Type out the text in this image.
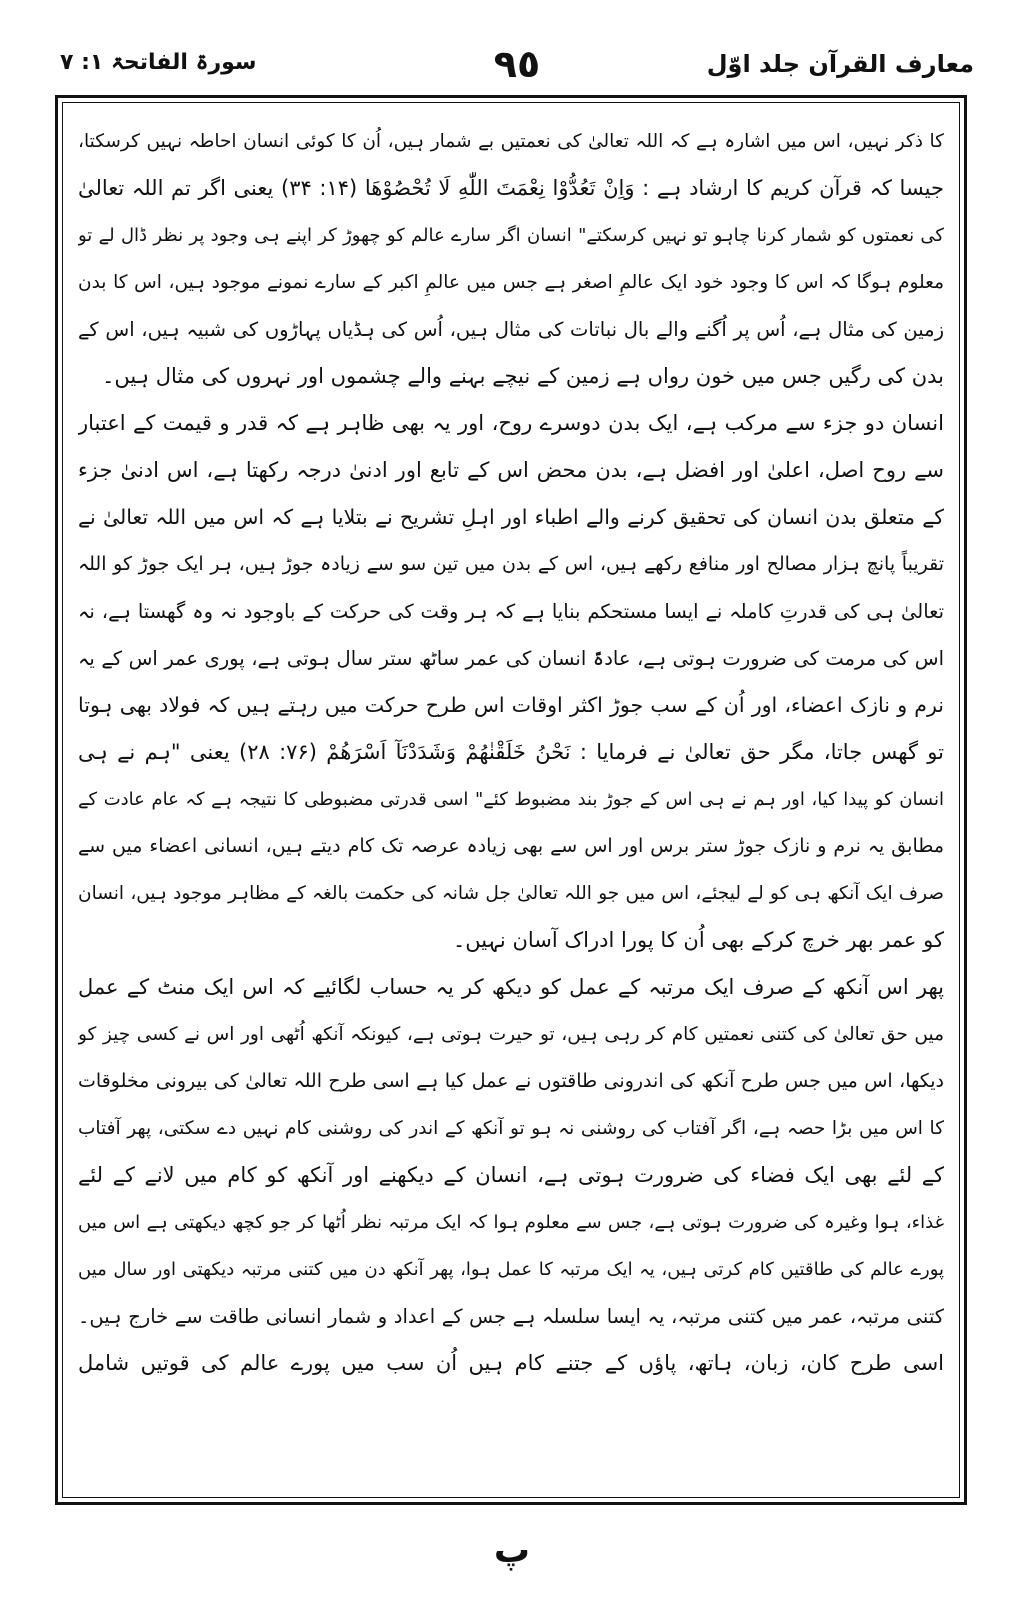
معارف القرآن جلد اوّل
٩٥
سورۃ الفاتحۃ ۱: ۷
کا ذکر نہیں، اس میں اشارہ ہے کہ اللہ تعالیٰ کی نعمتیں بے شمار ہیں، اُن کا کوئی انسان احاطہ نہیں کرسکتا،
جیسا کہ قرآن کریم کا ارشاد ہے : وَاِنْ تَعُدُّوْا نِعْمَتَ اللّٰهِ لَا تُحْصُوْهَا (۱۴: ۳۴) یعنی اگر تم اللہ تعالیٰ
کی نعمتوں کو شمار کرنا چاہو تو نہیں کرسکتے" انسان اگر سارے عالم کو چھوڑ کر اپنے ہی وجود پر نظر ڈال لے تو
معلوم ہوگا کہ اس کا وجود خود ایک عالمِ اصغر ہے جس میں عالمِ اکبر کے سارے نمونے موجود ہیں، اس کا بدن
زمین کی مثال ہے، اُس پر اُگنے والے بال نباتات کی مثال ہیں، اُس کی ہڈیاں پہاڑوں کی شبیہ ہیں، اس کے
بدن کی رگیں جس میں خون رواں ہے زمین کے نیچے بہنے والے چشموں اور نہروں کی مثال ہیں۔
انسان دو جزء سے مرکب ہے، ایک بدن دوسرے روح، اور یہ بھی ظاہر ہے کہ قدر و قیمت کے اعتبار
سے روح اصل، اعلیٰ اور افضل ہے، بدن محض اس کے تابع اور ادنیٰ درجہ رکھتا ہے، اس ادنیٰ جزء
کے متعلق بدن انسان کی تحقیق کرنے والے اطباء اور اہلِ تشریح نے بتلایا ہے کہ اس میں اللہ تعالیٰ نے
تقریباً پانچ ہزار مصالح اور منافع رکھے ہیں، اس کے بدن میں تین سو سے زیادہ جوڑ ہیں، ہر ایک جوڑ کو اللہ
تعالیٰ ہی کی قدرتِ کاملہ نے ایسا مستحکم بنایا ہے کہ ہر وقت کی حرکت کے باوجود نہ وہ گھستا ہے، نہ
اس کی مرمت کی ضرورت ہوتی ہے، عادۃً انسان کی عمر ساٹھ ستر سال ہوتی ہے، پوری عمر اس کے یہ
نرم و نازک اعضاء، اور اُن کے سب جوڑ اکثر اوقات اس طرح حرکت میں رہتے ہیں کہ فولاد بھی ہوتا
تو گھس جاتا، مگر حق تعالیٰ نے فرمایا : نَحْنُ خَلَقْنٰهُمْ وَشَدَدْنَآ اَسْرَهُمْ (۷۶: ۲۸) یعنی "ہم نے ہی
انسان کو پیدا کیا، اور ہم نے ہی اس کے جوڑ بند مضبوط کئے" اسی قدرتی مضبوطی کا نتیجہ ہے کہ عام عادت کے
مطابق یہ نرم و نازک جوڑ ستر برس اور اس سے بھی زیادہ عرصہ تک کام دیتے ہیں، انسانی اعضاء میں سے
صرف ایک آنکھ ہی کو لے لیجئے، اس میں جو اللہ تعالیٰ جل شانہ کی حکمت بالغہ کے مظاہر موجود ہیں، انسان
کو عمر بھر خرچ کرکے بھی اُن کا پورا ادراک آسان نہیں۔
پھر اس آنکھ کے صرف ایک مرتبہ کے عمل کو دیکھ کر یہ حساب لگائیے کہ اس ایک منٹ کے عمل
میں حق تعالیٰ کی کتنی نعمتیں کام کر رہی ہیں، تو حیرت ہوتی ہے، کیونکہ آنکھ اُٹھی اور اس نے کسی چیز کو
دیکھا، اس میں جس طرح آنکھ کی اندرونی طاقتوں نے عمل کیا ہے اسی طرح اللہ تعالیٰ کی بیرونی مخلوقات
کا اس میں بڑا حصہ ہے، اگر آفتاب کی روشنی نہ ہو تو آنکھ کے اندر کی روشنی کام نہیں دے سکتی، پھر آفتاب
کے لئے بھی ایک فضاء کی ضرورت ہوتی ہے، انسان کے دیکھنے اور آنکھ کو کام میں لانے کے لئے
غذاء، ہوا وغیرہ کی ضرورت ہوتی ہے، جس سے معلوم ہوا کہ ایک مرتبہ نظر اُٹھا کر جو کچھ دیکھتی ہے اس میں
پورے عالم کی طاقتیں کام کرتی ہیں، یہ ایک مرتبہ کا عمل ہوا، پھر آنکھ دن میں کتنی مرتبہ دیکھتی اور سال میں
کتنی مرتبہ، عمر میں کتنی مرتبہ، یہ ایسا سلسلہ ہے جس کے اعداد و شمار انسانی طاقت سے خارج ہیں۔
اسی طرح کان، زبان، ہاتھ، پاؤں کے جتنے کام ہیں اُن سب میں پورے عالم کی قوتیں شامل
پ
